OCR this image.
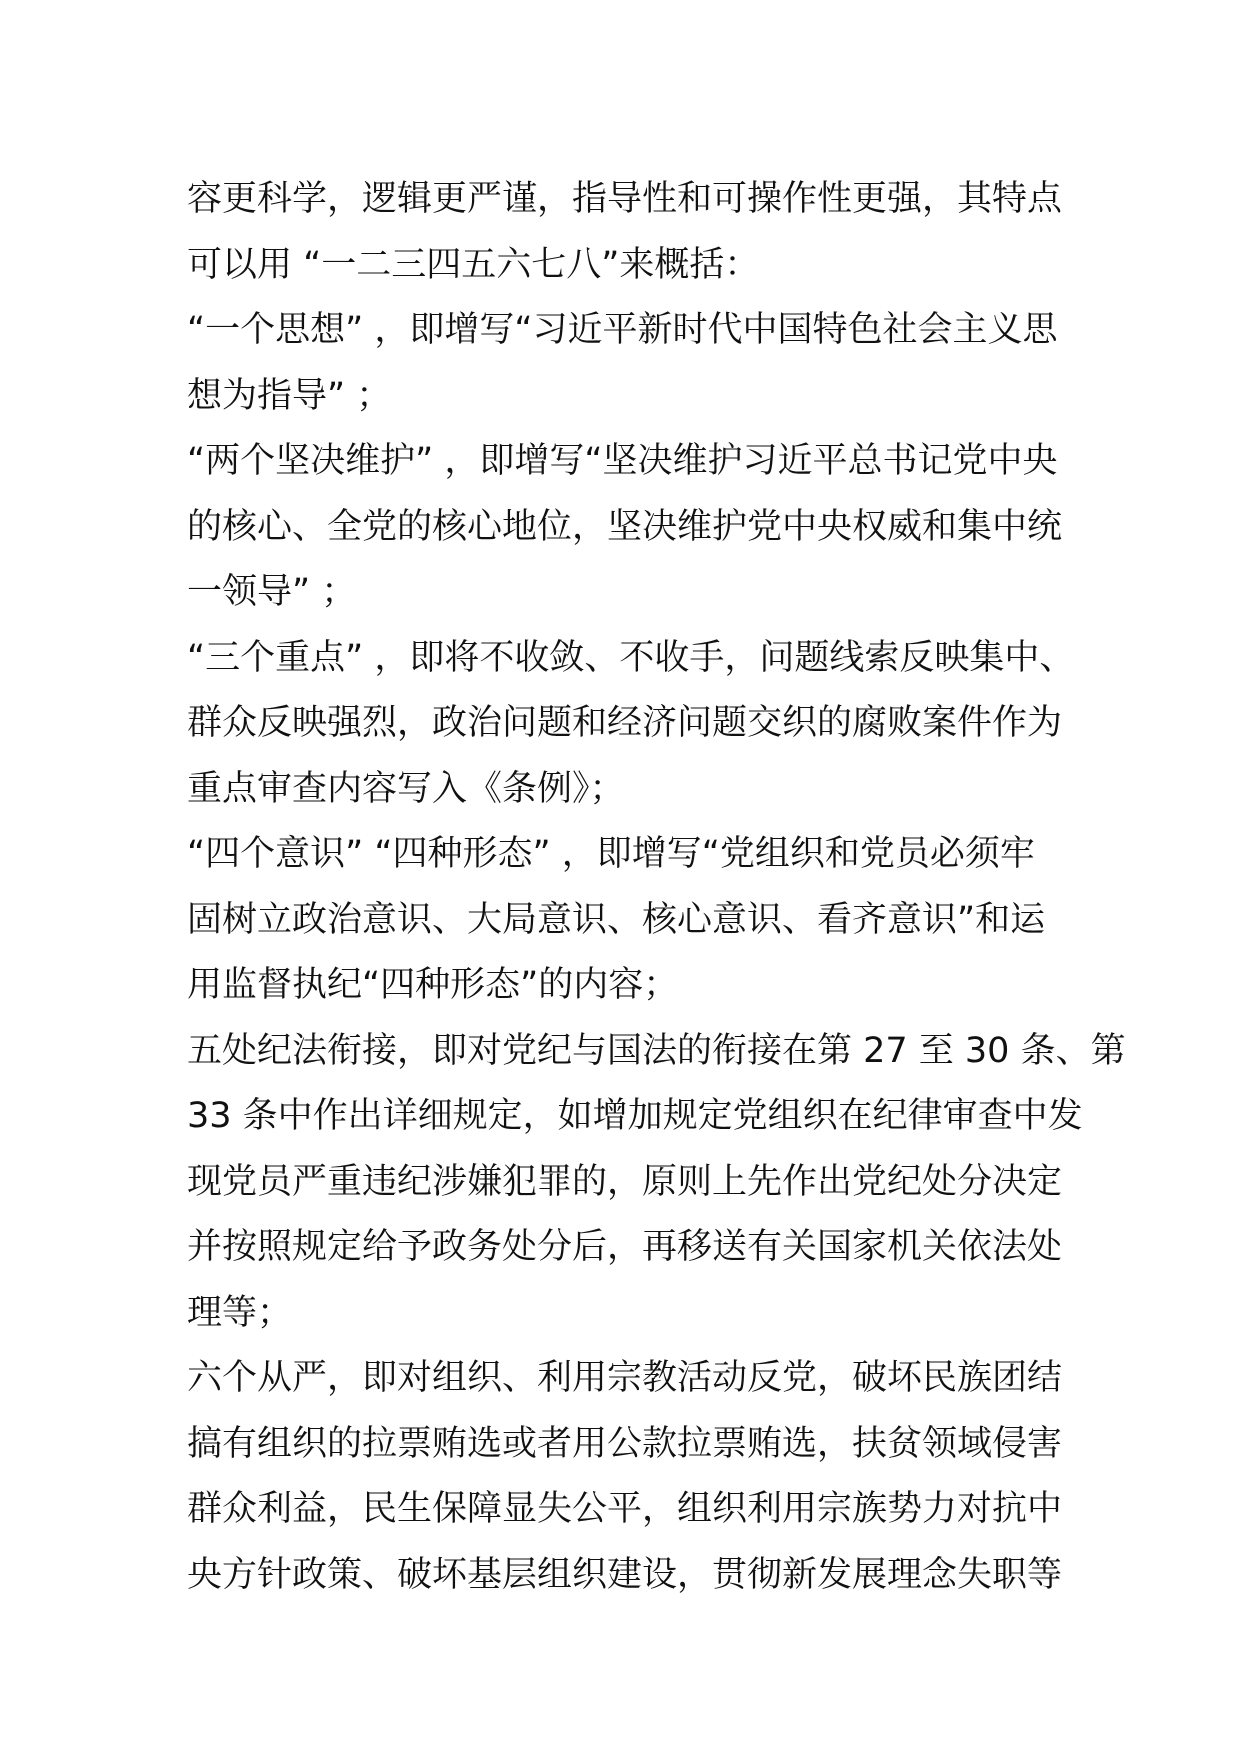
容更科学，逻辑更严谨，指导性和可操作性更强，其特点
可以用 “一二三四五六七八”来概括：
“一个思想” ，即增写“习近平新时代中国特色社会主义思
想为指导” ；
“两个坚决维护” ，即增写“坚决维护习近平总书记党中央
的核心、全党的核心地位，坚决维护党中央权威和集中统
一领导” ；
“三个重点” ，即将不收敛、不收手，问题线索反映集中、
群众反映强烈，政治问题和经济问题交织的腐败案件作为
重点审查内容写入《条例》；
“四个意识” “四种形态” ，即增写“党组织和党员必须牢
固树立政治意识、大局意识、核心意识、看齐意识”和运
用监督执纪“四种形态”的内容；
五处纪法衔接，即对党纪与国法的衔接在第 27 至 30 条、第
33 条中作出详细规定，如增加规定党组织在纪律审查中发
现党员严重违纪涉嫌犯罪的，原则上先作出党纪处分决定
并按照规定给予政务处分后，再移送有关国家机关依法处
理等；
六个从严，即对组织、利用宗教活动反党，破坏民族团结
搞有组织的拉票贿选或者用公款拉票贿选，扶贫领域侵害
群众利益，民生保障显失公平，组织利用宗族势力对抗中
央方针政策、破坏基层组织建设，贯彻新发展理念失职等
